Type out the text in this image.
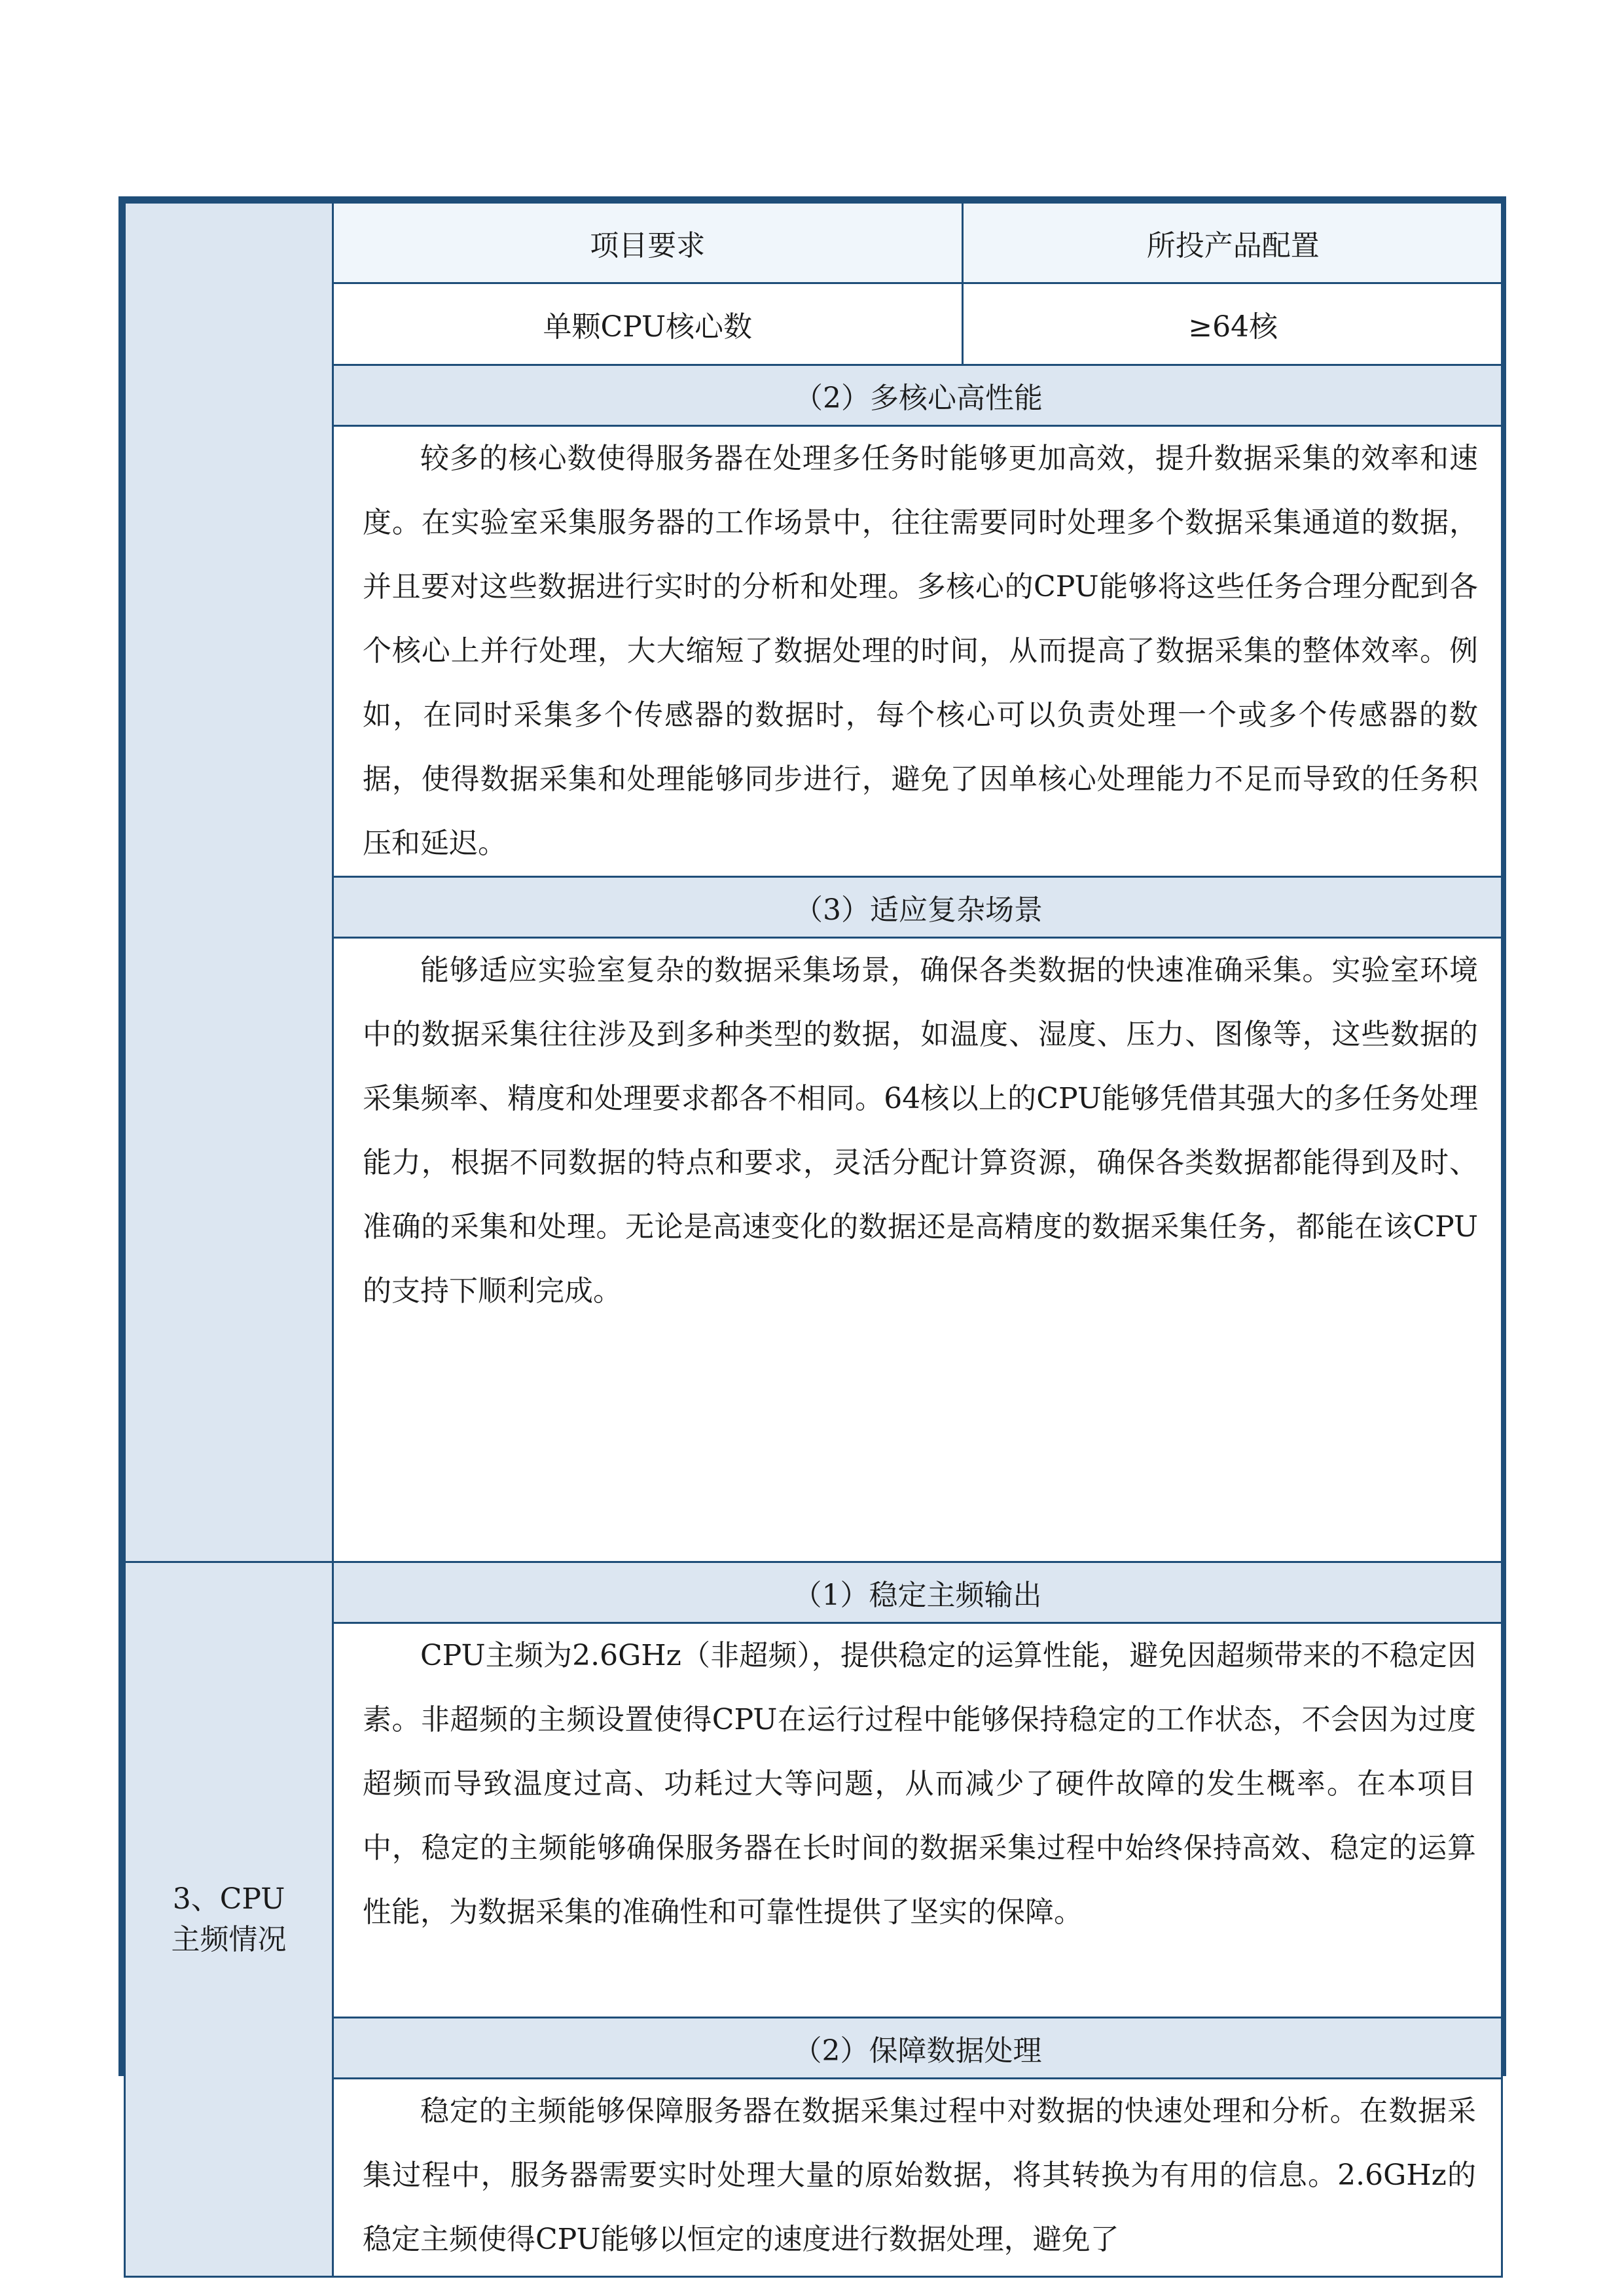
项目要求	所投产品配置
单颗CPU核心数	≥64核
（2）多核心高性能

较多的核心数使得服务器在处理多任务时能够更加高效，提升数据采集的效率和速度。在实验室采集服务器的工作场景中，往往需要同时处理多个数据采集通道的数据，并且要对这些数据进行实时的分析和处理。多核心的CPU能够将这些任务合理分配到各个核心上并行处理，大大缩短了数据处理的时间，从而提高了数据采集的整体效率。例如，在同时采集多个传感器的数据时，每个核心可以负责处理一个或多个传感器的数据，使得数据采集和处理能够同步进行，避免了因单核心处理能力不足而导致的任务积压和延迟。

（3）适应复杂场景

能够适应实验室复杂的数据采集场景，确保各类数据的快速准确采集。实验室环境中的数据采集往往涉及到多种类型的数据，如温度、湿度、压力、图像等，这些数据的采集频率、精度和处理要求都各不相同。64核以上的CPU能够凭借其强大的多任务处理能力，根据不同数据的特点和要求，灵活分配计算资源，确保各类数据都能得到及时、准确的采集和处理。无论是高速变化的数据还是高精度的数据采集任务，都能在该CPU的支持下顺利完成。

3、CPU主频情况

（1）稳定主频输出

CPU主频为2.6GHz（非超频），提供稳定的运算性能，避免因超频带来的不稳定因素。非超频的主频设置使得CPU在运行过程中能够保持稳定的工作状态，不会因为过度超频而导致温度过高、功耗过大等问题，从而减少了硬件故障的发生概率。在本项目中，稳定的主频能够确保服务器在长时间的数据采集过程中始终保持高效、稳定的运算性能，为数据采集的准确性和可靠性提供了坚实的保障。

（2）保障数据处理

稳定的主频能够保障服务器在数据采集过程中对数据的快速处理和分析。在数据采集过程中，服务器需要实时处理大量的原始数据，将其转换为有用的信息。2.6GHz的稳定主频使得CPU能够以恒定的速度进行数据处理，避免了
